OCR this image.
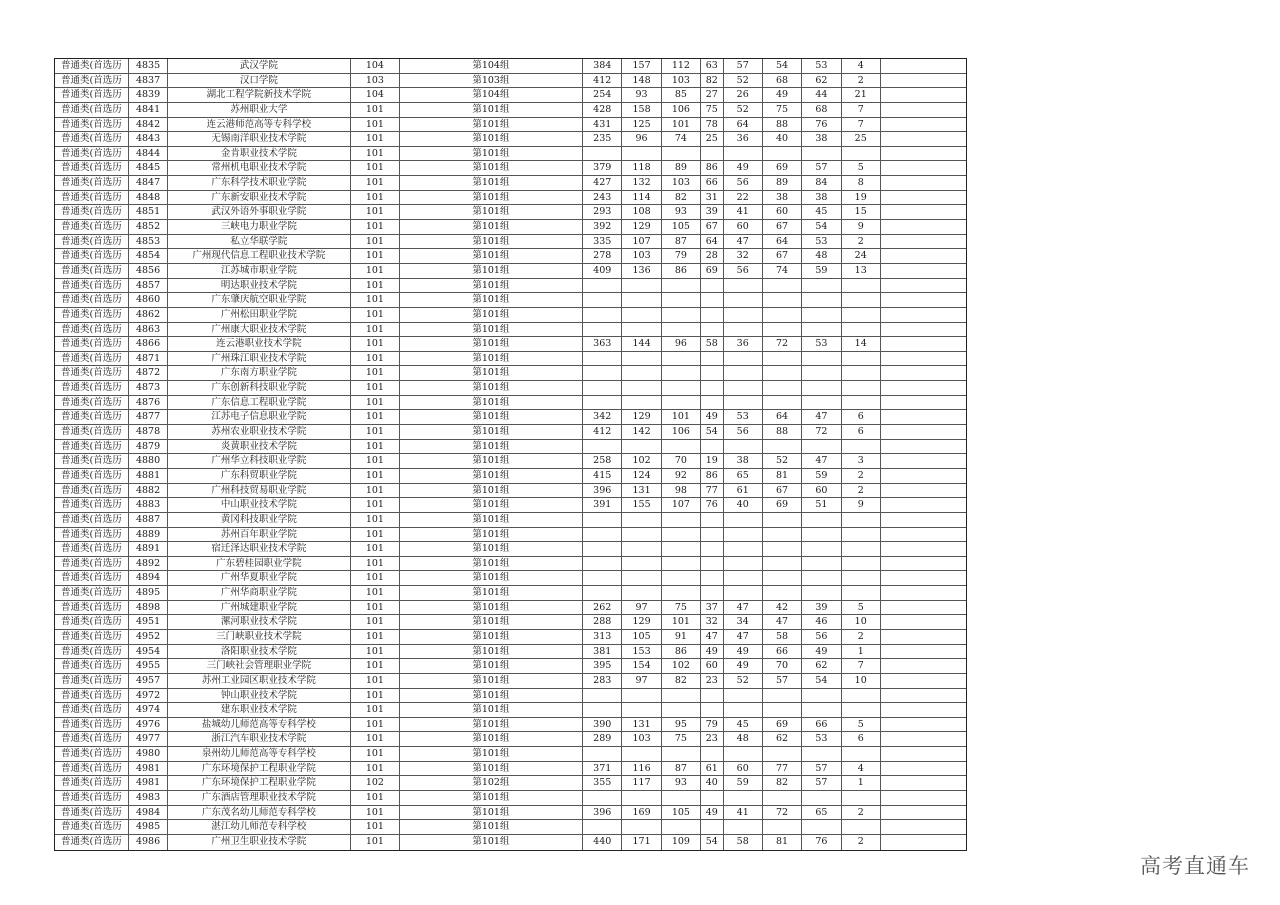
普通类(首选历	4835	武汉学院	104	第104组	384	157	112	63	57	54	53	4
普通类(首选历	4837	汉口学院	103	第103组	412	148	103	82	52	68	62	2
普通类(首选历	4839	湖北工程学院新技术学院	104	第104组	254	93	85	27	26	49	44	21
普通类(首选历	4841	苏州职业大学	101	第101组	428	158	106	75	52	75	68	7
普通类(首选历	4842	连云港师范高等专科学校	101	第101组	431	125	101	78	64	88	76	7
普通类(首选历	4843	无锡南洋职业技术学院	101	第101组	235	96	74	25	36	40	38	25
普通类(首选历	4844	金肯职业技术学院	101	第101组
普通类(首选历	4845	常州机电职业技术学院	101	第101组	379	118	89	86	49	69	57	5
普通类(首选历	4847	广东科学技术职业学院	101	第101组	427	132	103	66	56	89	84	8
普通类(首选历	4848	广东新安职业技术学院	101	第101组	243	114	82	31	22	38	38	19
普通类(首选历	4851	武汉外语外事职业学院	101	第101组	293	108	93	39	41	60	45	15
普通类(首选历	4852	三峡电力职业学院	101	第101组	392	129	105	67	60	67	54	9
普通类(首选历	4853	私立华联学院	101	第101组	335	107	87	64	47	64	53	2
普通类(首选历	4854	广州现代信息工程职业技术学院	101	第101组	278	103	79	28	32	67	48	24
普通类(首选历	4856	江苏城市职业学院	101	第101组	409	136	86	69	56	74	59	13
普通类(首选历	4857	明达职业技术学院	101	第101组
普通类(首选历	4860	广东肇庆航空职业学院	101	第101组
普通类(首选历	4862	广州松田职业学院	101	第101组
普通类(首选历	4863	广州康大职业技术学院	101	第101组
普通类(首选历	4866	连云港职业技术学院	101	第101组	363	144	96	58	36	72	53	14
普通类(首选历	4871	广州珠江职业技术学院	101	第101组
普通类(首选历	4872	广东南方职业学院	101	第101组
普通类(首选历	4873	广东创新科技职业学院	101	第101组
普通类(首选历	4876	广东信息工程职业学院	101	第101组
普通类(首选历	4877	江苏电子信息职业学院	101	第101组	342	129	101	49	53	64	47	6
普通类(首选历	4878	苏州农业职业技术学院	101	第101组	412	142	106	54	56	88	72	6
普通类(首选历	4879	炎黄职业技术学院	101	第101组
普通类(首选历	4880	广州华立科技职业学院	101	第101组	258	102	70	19	38	52	47	3
普通类(首选历	4881	广东科贸职业学院	101	第101组	415	124	92	86	65	81	59	2
普通类(首选历	4882	广州科技贸易职业学院	101	第101组	396	131	98	77	61	67	60	2
普通类(首选历	4883	中山职业技术学院	101	第101组	391	155	107	76	40	69	51	9
普通类(首选历	4887	黄冈科技职业学院	101	第101组
普通类(首选历	4889	苏州百年职业学院	101	第101组
普通类(首选历	4891	宿迁泽达职业技术学院	101	第101组
普通类(首选历	4892	广东碧桂园职业学院	101	第101组
普通类(首选历	4894	广州华夏职业学院	101	第101组
普通类(首选历	4895	广州华商职业学院	101	第101组
普通类(首选历	4898	广州城建职业学院	101	第101组	262	97	75	37	47	42	39	5
普通类(首选历	4951	漯河职业技术学院	101	第101组	288	129	101	32	34	47	46	10
普通类(首选历	4952	三门峡职业技术学院	101	第101组	313	105	91	47	47	58	56	2
普通类(首选历	4954	洛阳职业技术学院	101	第101组	381	153	86	49	49	66	49	1
普通类(首选历	4955	三门峡社会管理职业学院	101	第101组	395	154	102	60	49	70	62	7
普通类(首选历	4957	苏州工业园区职业技术学院	101	第101组	283	97	82	23	52	57	54	10
普通类(首选历	4972	钟山职业技术学院	101	第101组
普通类(首选历	4974	建东职业技术学院	101	第101组
普通类(首选历	4976	盐城幼儿师范高等专科学校	101	第101组	390	131	95	79	45	69	66	5
普通类(首选历	4977	浙江汽车职业技术学院	101	第101组	289	103	75	23	48	62	53	6
普通类(首选历	4980	泉州幼儿师范高等专科学校	101	第101组
普通类(首选历	4981	广东环境保护工程职业学院	101	第101组	371	116	87	61	60	77	57	4
普通类(首选历	4981	广东环境保护工程职业学院	102	第102组	355	117	93	40	59	82	57	1
普通类(首选历	4983	广东酒店管理职业技术学院	101	第101组
普通类(首选历	4984	广东茂名幼儿师范专科学校	101	第101组	396	169	105	49	41	72	65	2
普通类(首选历	4985	湛江幼儿师范专科学校	101	第101组
普通类(首选历	4986	广州卫生职业技术学院	101	第101组	440	171	109	54	58	81	76	2
高考直通车
